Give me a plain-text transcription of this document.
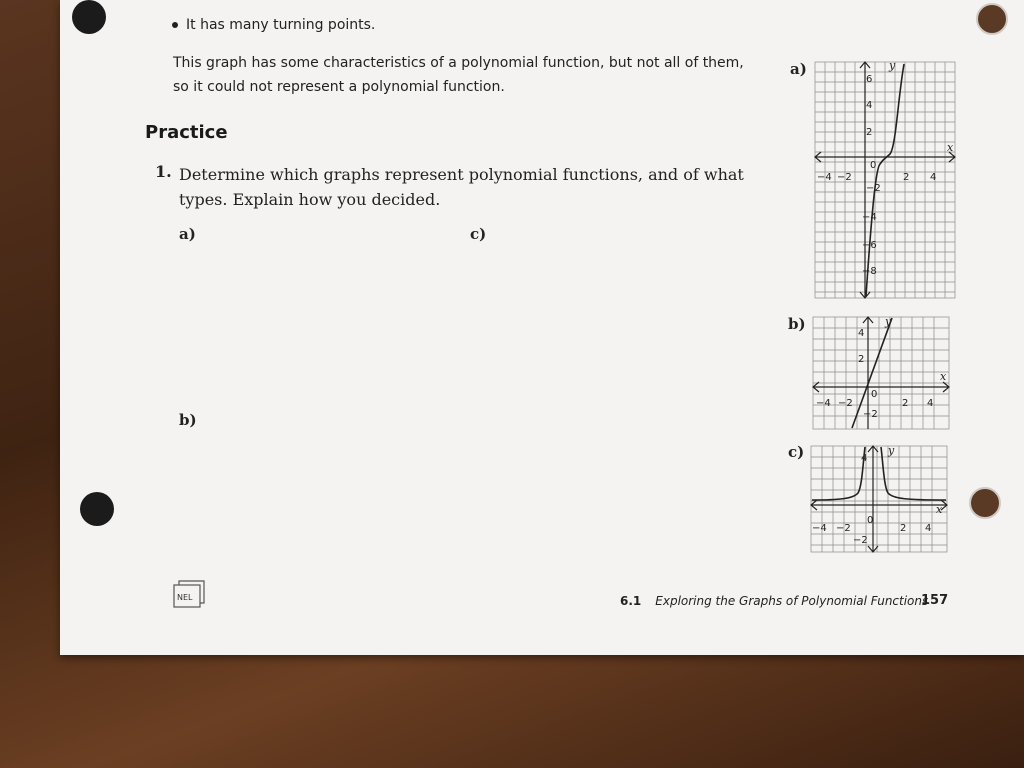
It has many turning points.
This graph has some characteristics of a polynomial function, but not all of them, so it could not represent a polynomial function.
Practice
1. Determine which graphs represent polynomial functions, and of what types. Explain how you decided.
a)	c)
b)
a)
b)
c)
y
x
0
−4 −2	2 4
6
4
2
−2
−4
−6
−8
y
x
0
−4 −2	2 4
4
2
−2
y
x
0
−4 −2	2 4
4
−2
NEL	6.1 Exploring the Graphs of Polynomial Functions
157
